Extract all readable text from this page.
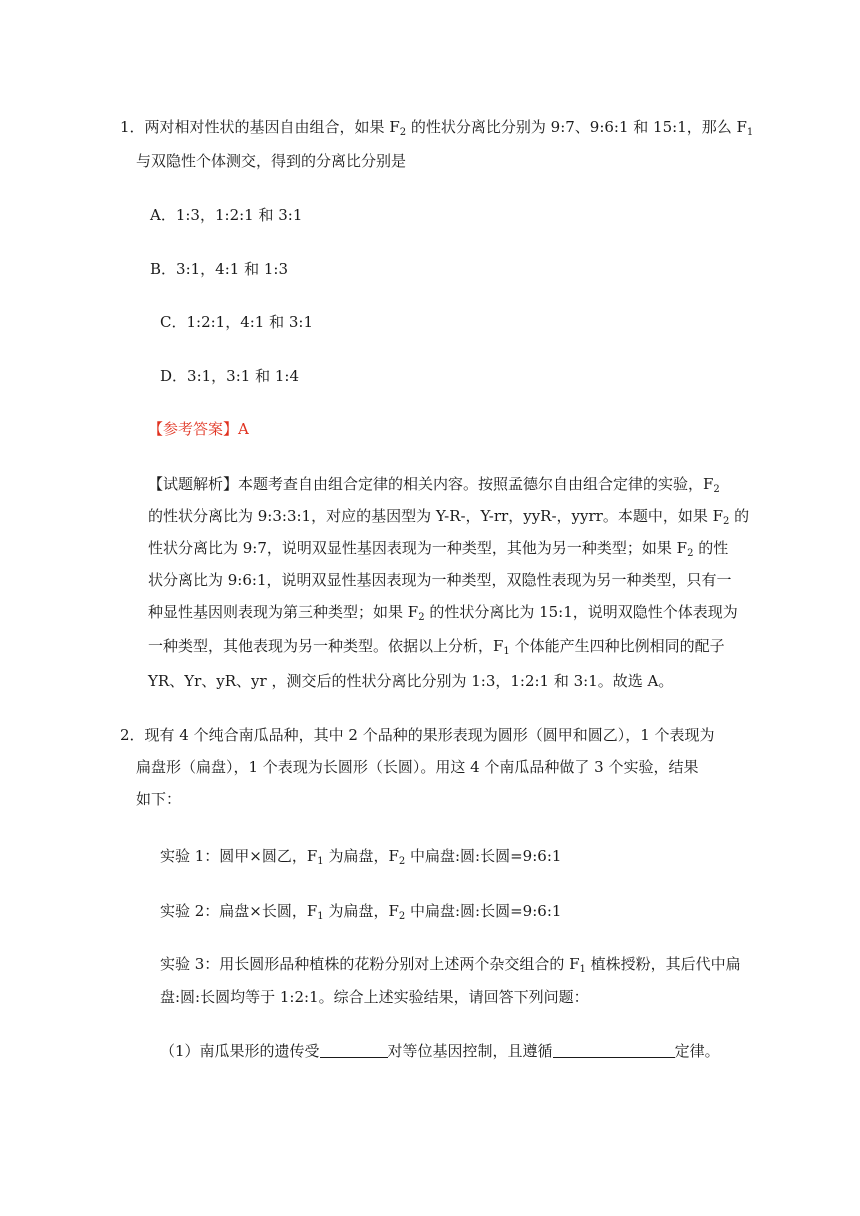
1．两对相对性状的基因自由组合，如果 $F_2$ 的性状分离比分别为 9:7、9:6:1 和 15:1，那么 $F_1$
与双隐性个体测交，得到的分离比分别是
A．1:3，1:2:1 和 3:1
B．3:1，4:1 和 1:3
C．1:2:1，4:1 和 3:1
D．3:1，3:1 和 1:4
【参考答案】A
【试题解析】本题考查自由组合定律的相关内容。按照孟德尔自由组合定律的实验，$F_2$
的性状分离比为 9:3:3:1，对应的基因型为 Y-R-，Y-rr，yyR-，yyrr。本题中，如果 $F_2$ 的
性状分离比为 9:7，说明双显性基因表现为一种类型，其他为另一种类型；如果 $F_2$ 的性
状分离比为 9:6:1，说明双显性基因表现为一种类型，双隐性表现为另一种类型，只有一
种显性基因则表现为第三种类型；如果 $F_2$ 的性状分离比为 15:1，说明双隐性个体表现为
一种类型，其他表现为另一种类型。依据以上分析，$F_1$ 个体能产生四种比例相同的配子
YR、Yr、yR、yr ，测交后的性状分离比分别为 1:3，1:2:1 和 3:1。故选 A。
2．现有 4 个纯合南瓜品种，其中 2 个品种的果形表现为圆形（圆甲和圆乙），1 个表现为
扁盘形（扁盘），1 个表现为长圆形（长圆）。用这 4 个南瓜品种做了 3 个实验，结果
如下：
实验 1：圆甲×圆乙，$F_1$ 为扁盘，$F_2$ 中扁盘:圆:长圆=9:6:1
实验 2：扁盘×长圆，$F_1$ 为扁盘，$F_2$ 中扁盘:圆:长圆=9:6:1
实验 3：用长圆形品种植株的花粉分别对上述两个杂交组合的 $F_1$ 植株授粉，其后代中扁
盘:圆:长圆均等于 1:2:1。综合上述实验结果，请回答下列问题：
（1）南瓜果形的遗传受	对等位基因控制，且遵循	定律。
